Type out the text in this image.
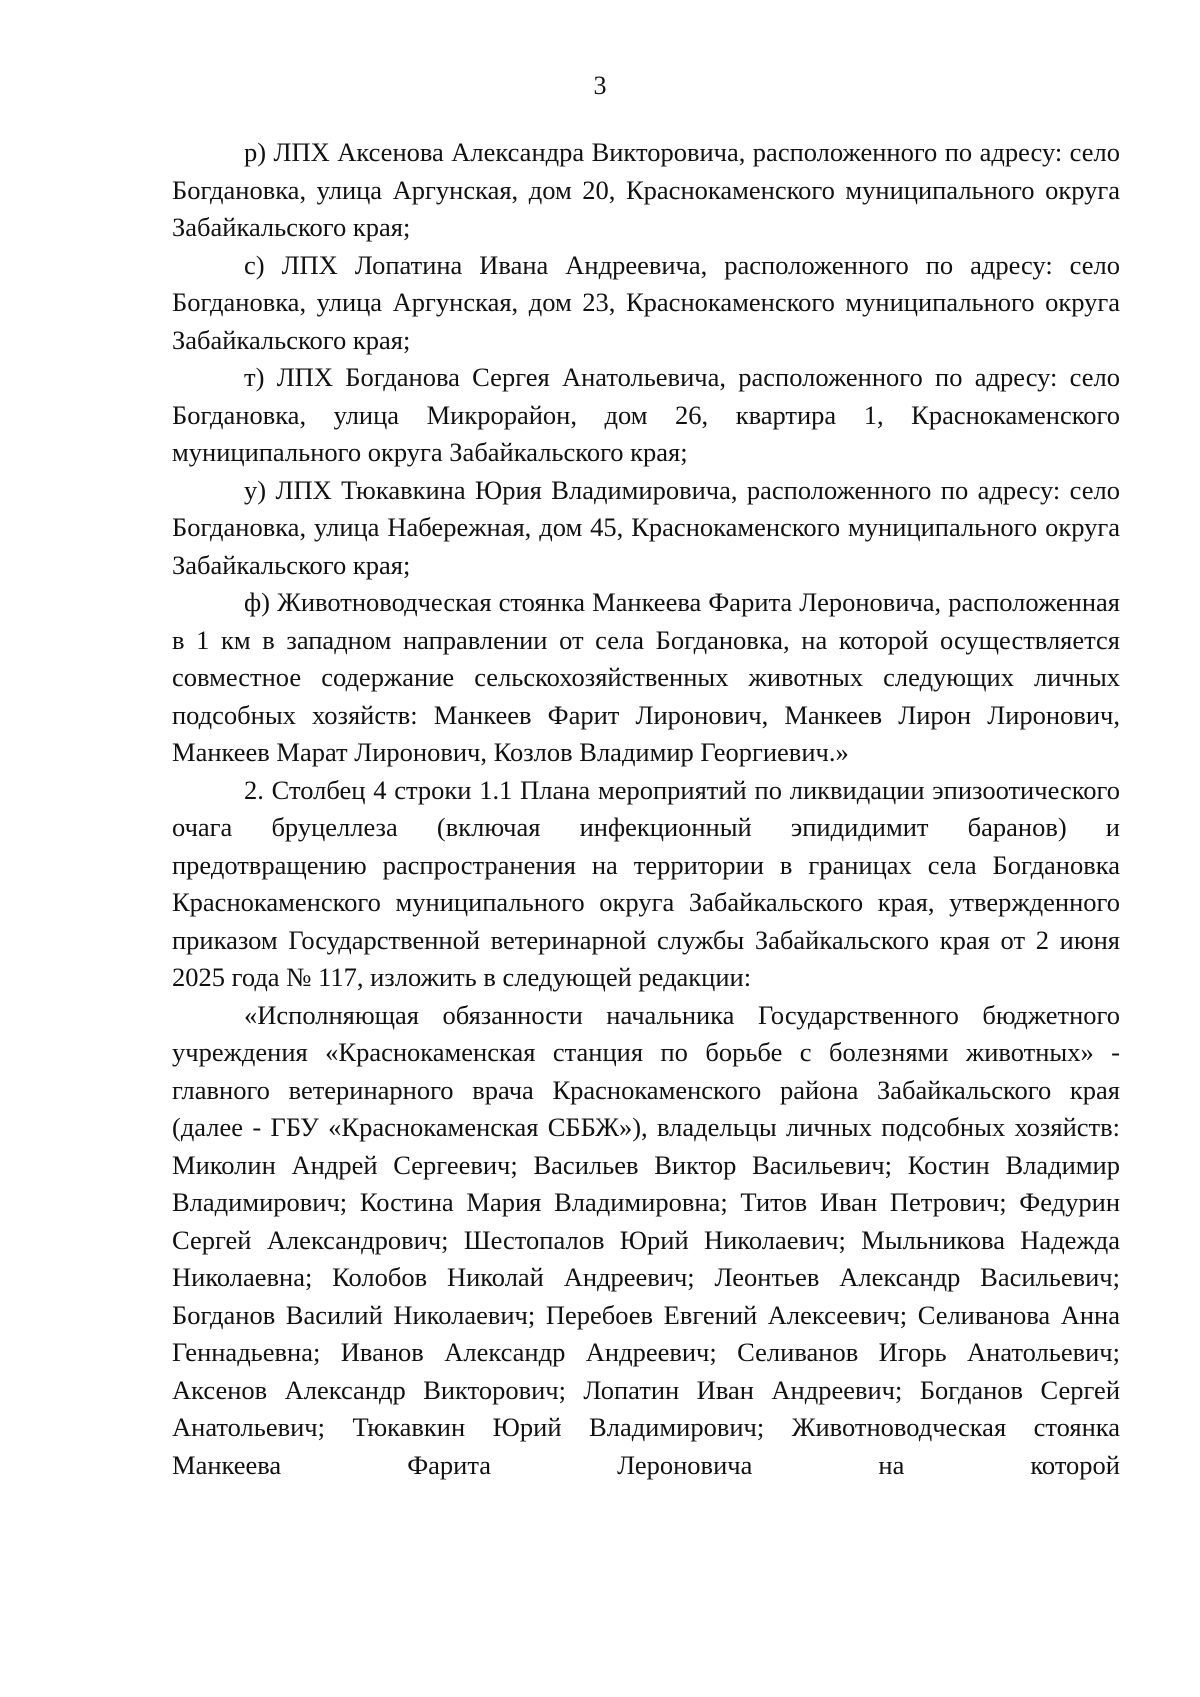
3

р) ЛПХ Аксенова Александра Викторовича, расположенного по адресу: село Богдановка, улица Аргунская, дом 20, Краснокаменского муниципального округа Забайкальского края;

с) ЛПХ Лопатина Ивана Андреевича, расположенного по адресу: село Богдановка, улица Аргунская, дом 23, Краснокаменского муниципального округа Забайкальского края;

т) ЛПХ Богданова Сергея Анатольевича, расположенного по адресу: село Богдановка, улица Микрорайон, дом 26, квартира 1, Краснокаменского муниципального округа Забайкальского края;

у) ЛПХ Тюкавкина Юрия Владимировича, расположенного по адресу: село Богдановка, улица Набережная, дом 45, Краснокаменского муниципального округа Забайкальского края;

ф) Животноводческая стоянка Манкеева Фарита Лероновича, расположенная в 1 км в западном направлении от села Богдановка, на которой осуществляется совместное содержание сельскохозяйственных животных следующих личных подсобных хозяйств: Манкеев Фарит Лиронович, Манкеев Лирон Лиронович, Манкеев Марат Лиронович, Козлов Владимир Георгиевич.»

2. Столбец 4 строки 1.1 Плана мероприятий по ликвидации эпизоотического очага бруцеллеза (включая инфекционный эпидидимит баранов) и предотвращению распространения на территории в границах села Богдановка Краснокаменского муниципального округа Забайкальского края, утвержденного приказом Государственной ветеринарной службы Забайкальского края от 2 июня 2025 года № 117, изложить в следующей редакции:

«Исполняющая обязанности начальника Государственного бюджетного учреждения «Краснокаменская станция по борьбе с болезнями животных» - главного ветеринарного врача Краснокаменского района Забайкальского края (далее - ГБУ «Краснокаменская СББЖ»), владельцы личных подсобных хозяйств: Миколин Андрей Сергеевич; Васильев Виктор Васильевич; Костин Владимир Владимирович; Костина Мария Владимировна; Титов Иван Петрович; Федурин Сергей Александрович; Шестопалов Юрий Николаевич; Мыльникова Надежда Николаевна; Колобов Николай Андреевич; Леонтьев Александр Васильевич; Богданов Василий Николаевич; Перебоев Евгений Алексеевич; Селиванова Анна Геннадьевна; Иванов Александр Андреевич; Селиванов Игорь Анатольевич; Аксенов Александр Викторович; Лопатин Иван Андреевич; Богданов Сергей Анатольевич; Тюкавкин Юрий Владимирович; Животноводческая стоянка Манкеева Фарита Лероновича на которой
